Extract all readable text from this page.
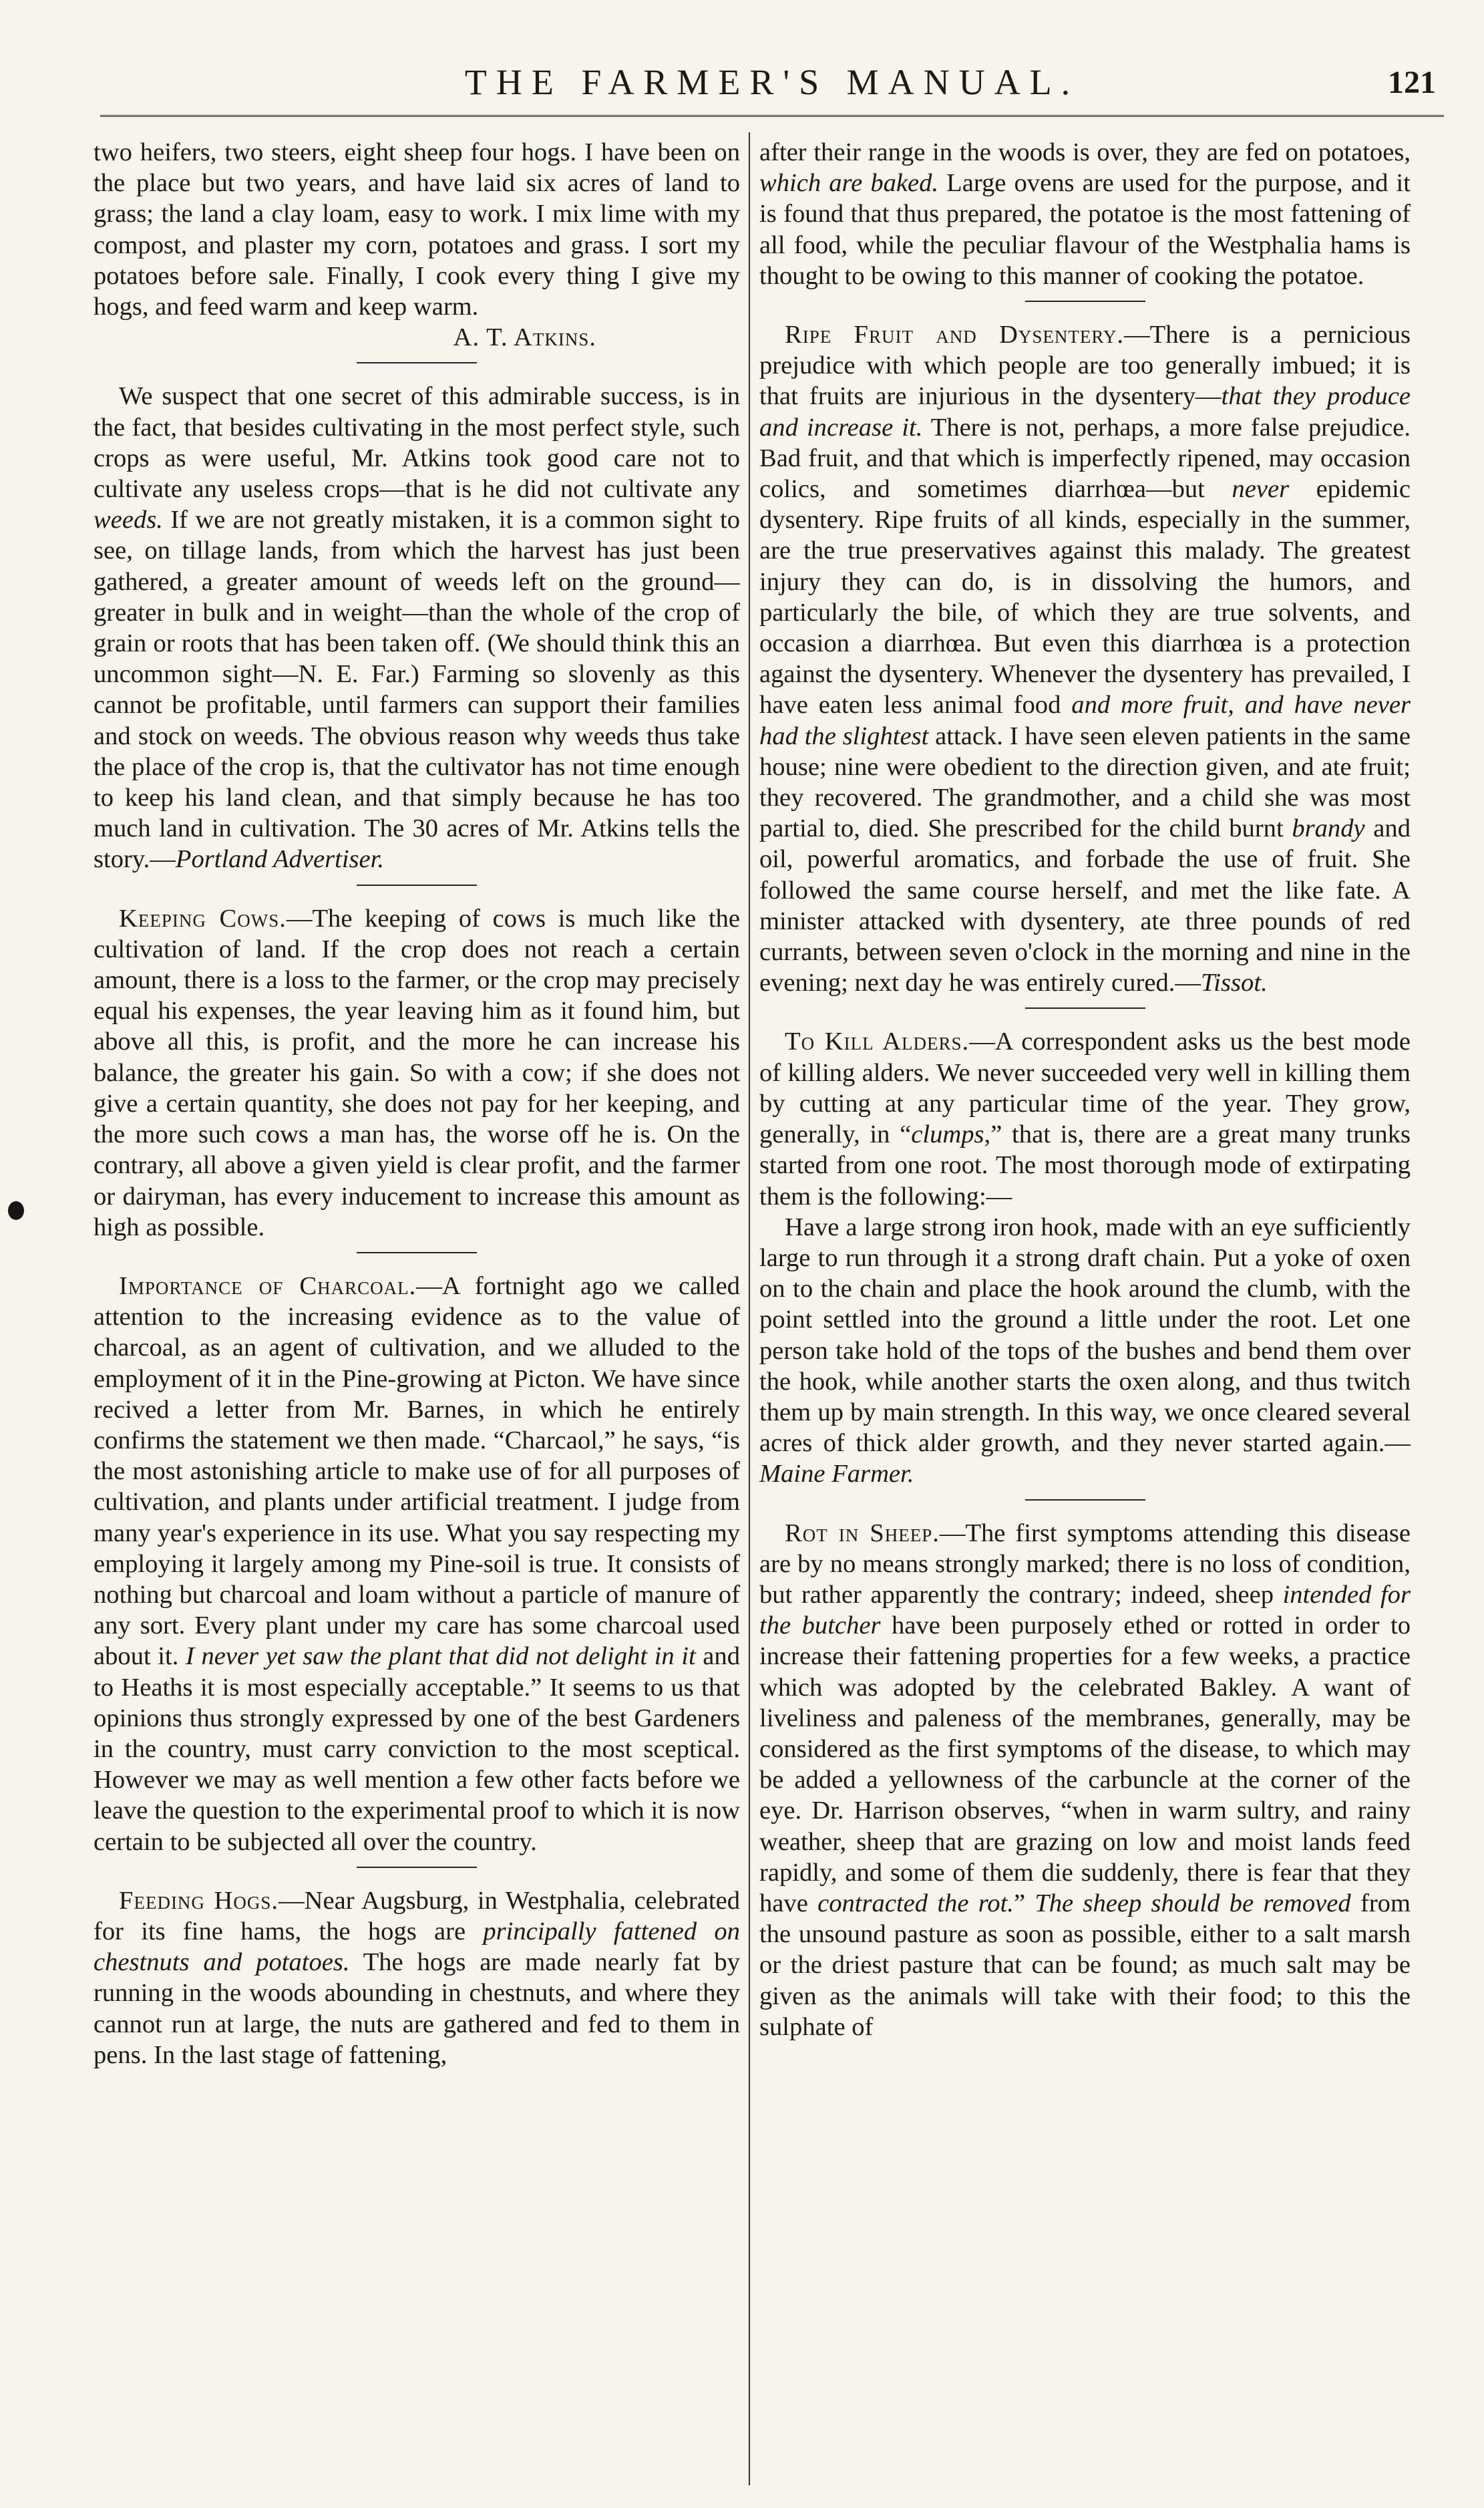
THE FARMER'S MANUAL.	121

two heifers, two steers, eight sheep four hogs. I have been on the place but two years, and have laid six acres of land to grass; the land a clay loam, easy to work. I mix lime with my compost, and plaster my corn, potatoes and grass. I sort my potatoes before sale. Finally, I cook every thing I give my hogs, and feed warm and keep warm.

A. T. Atkins.

We suspect that one secret of this admirable success, is in the fact, that besides cultivating in the most perfect style, such crops as were useful, Mr. Atkins took good care not to cultivate any useless crops—that is he did not cultivate any weeds. If we are not greatly mistaken, it is a common sight to see, on tillage lands, from which the harvest has just been gathered, a greater amount of weeds left on the ground—greater in bulk and in weight—than the whole of the crop of grain or roots that has been taken off. (We should think this an uncommon sight—N. E. Far.) Farming so slovenly as this cannot be profitable, until farmers can support their families and stock on weeds. The obvious reason why weeds thus take the place of the crop is, that the cultivator has not time enough to keep his land clean, and that simply because he has too much land in cultivation. The 30 acres of Mr. Atkins tells the story.—Portland Advertiser.

Keeping Cows.—The keeping of cows is much like the cultivation of land. If the crop does not reach a certain amount, there is a loss to the farmer, or the crop may precisely equal his expenses, the year leaving him as it found him, but above all this, is profit, and the more he can increase his balance, the greater his gain. So with a cow; if she does not give a certain quantity, she does not pay for her keeping, and the more such cows a man has, the worse off he is. On the contrary, all above a given yield is clear profit, and the farmer or dairyman, has every inducement to increase this amount as high as possible.

Importance of Charcoal.—A fortnight ago we called attention to the increasing evidence as to the value of charcoal, as an agent of cultivation, and we alluded to the employment of it in the Pine-growing at Picton. We have since recived a letter from Mr. Barnes, in which he entirely confirms the statement we then made. “Charcaol,” he says, “is the most astonishing article to make use of for all purposes of cultivation, and plants under artificial treatment. I judge from many year's experience in its use. What you say respecting my employing it largely among my Pine-soil is true. It consists of nothing but charcoal and loam without a particle of manure of any sort. Every plant under my care has some charcoal used about it. I never yet saw the plant that did not delight in it and to Heaths it is most especially acceptable.” It seems to us that opinions thus strongly expressed by one of the best Gardeners in the country, must carry conviction to the most sceptical. However we may as well mention a few other facts before we leave the question to the experimental proof to which it is now certain to be subjected all over the country.

Feeding Hogs.—Near Augsburg, in Westphalia, celebrated for its fine hams, the hogs are principally fattened on chestnuts and potatoes. The hogs are made nearly fat by running in the woods abounding in chestnuts, and where they cannot run at large, the nuts are gathered and fed to them in pens. In the last stage of fattening,

after their range in the woods is over, they are fed on potatoes, which are baked. Large ovens are used for the purpose, and it is found that thus prepared, the potatoe is the most fattening of all food, while the peculiar flavour of the Westphalia hams is thought to be owing to this manner of cooking the potatoe.

Ripe Fruit and Dysentery.—There is a pernicious prejudice with which people are too generally imbued; it is that fruits are injurious in the dysentery—that they produce and increase it. There is not, perhaps, a more false prejudice. Bad fruit, and that which is imperfectly ripened, may occasion colics, and sometimes diarrhœa—but never epidemic dysentery. Ripe fruits of all kinds, especially in the summer, are the true preservatives against this malady. The greatest injury they can do, is in dissolving the humors, and particularly the bile, of which they are true solvents, and occasion a diarrhœa. But even this diarrhœa is a protection against the dysentery. Whenever the dysentery has prevailed, I have eaten less animal food and more fruit, and have never had the slightest attack. I have seen eleven patients in the same house; nine were obedient to the direction given, and ate fruit; they recovered. The grandmother, and a child she was most partial to, died. She prescribed for the child burnt brandy and oil, powerful aromatics, and forbade the use of fruit. She followed the same course herself, and met the like fate. A minister attacked with dysentery, ate three pounds of red currants, between seven o'clock in the morning and nine in the evening; next day he was entirely cured.—Tissot.

To Kill Alders.—A correspondent asks us the best mode of killing alders. We never succeeded very well in killing them by cutting at any particular time of the year. They grow, generally, in “clumps,” that is, there are a great many trunks started from one root. The most thorough mode of extirpating them is the following:—

Have a large strong iron hook, made with an eye sufficiently large to run through it a strong draft chain. Put a yoke of oxen on to the chain and place the hook around the clumb, with the point settled into the ground a little under the root. Let one person take hold of the tops of the bushes and bend them over the hook, while another starts the oxen along, and thus twitch them up by main strength. In this way, we once cleared several acres of thick alder growth, and they never started again.—Maine Farmer.

Rot in Sheep.—The first symptoms attending this disease are by no means strongly marked; there is no loss of condition, but rather apparently the contrary; indeed, sheep intended for the butcher have been purposely ethed or rotted in order to increase their fattening properties for a few weeks, a practice which was adopted by the celebrated Bakley. A want of liveliness and paleness of the membranes, generally, may be considered as the first symptoms of the disease, to which may be added a yellowness of the carbuncle at the corner of the eye. Dr. Harrison observes, “when in warm sultry, and rainy weather, sheep that are grazing on low and moist lands feed rapidly, and some of them die suddenly, there is fear that they have contracted the rot.” The sheep should be removed from the unsound pasture as soon as possible, either to a salt marsh or the driest pasture that can be found; as much salt may be given as the animals will take with their food; to this the sulphate of
